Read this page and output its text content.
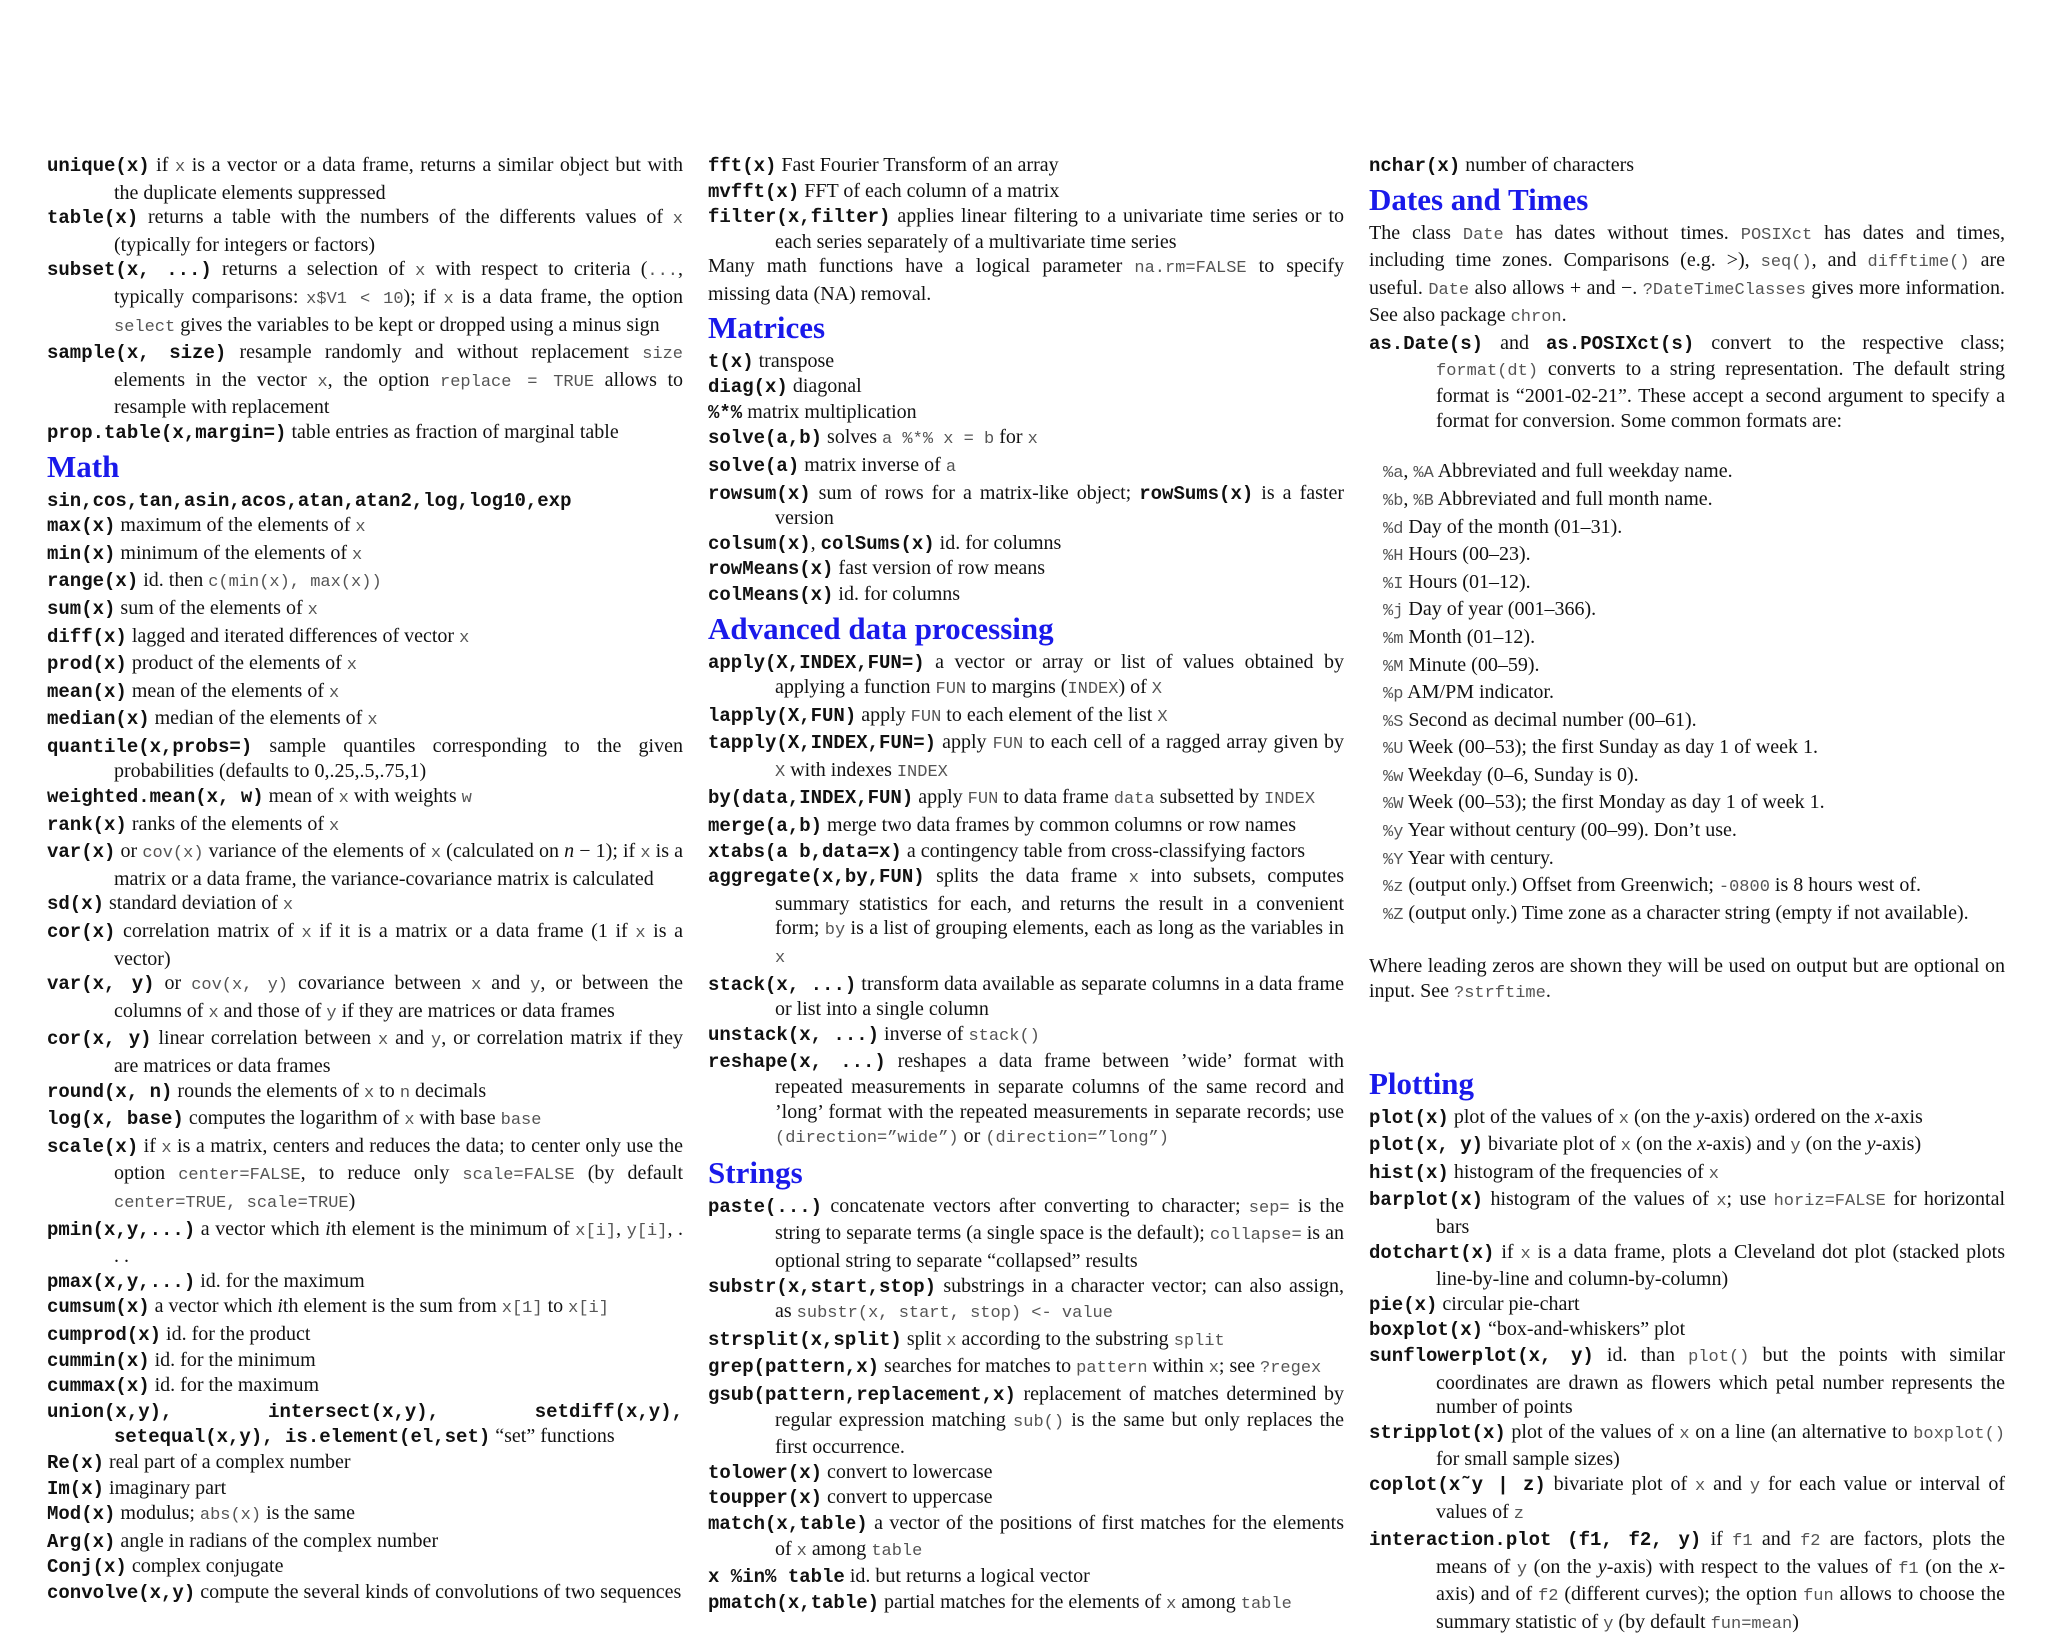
unique(x) if x is a vector or a data frame, returns a similar object but with the duplicate elements suppressed

table(x) returns a table with the numbers of the differents values of x (typically for integers or factors)

subset(x, ...) returns a selection of x with respect to criteria (..., typically comparisons: x$V1 < 10); if x is a data frame, the option select gives the variables to be kept or dropped using a minus sign

sample(x, size) resample randomly and without replacement size elements in the vector x, the option replace = TRUE allows to resample with replacement

prop.table(x,margin=) table entries as fraction of marginal table

Math

sin,cos,tan,asin,acos,atan,atan2,log,log10,exp

max(x) maximum of the elements of x

min(x) minimum of the elements of x

range(x) id. then c(min(x), max(x))

sum(x) sum of the elements of x

diff(x) lagged and iterated differences of vector x

prod(x) product of the elements of x

mean(x) mean of the elements of x

median(x) median of the elements of x

quantile(x,probs=) sample quantiles corresponding to the given probabilities (defaults to 0,.25,.5,.75,1)

weighted.mean(x, w) mean of x with weights w

rank(x) ranks of the elements of x

var(x) or cov(x) variance of the elements of x (calculated on n − 1); if x is a matrix or a data frame, the variance-covariance matrix is calculated

sd(x) standard deviation of x

cor(x) correlation matrix of x if it is a matrix or a data frame (1 if x is a vector)

var(x, y) or cov(x, y) covariance between x and y, or between the columns of x and those of y if they are matrices or data frames

cor(x, y) linear correlation between x and y, or correlation matrix if they are matrices or data frames

round(x, n) rounds the elements of x to n decimals

log(x, base) computes the logarithm of x with base base

scale(x) if x is a matrix, centers and reduces the data; to center only use the option center=FALSE, to reduce only scale=FALSE (by default center=TRUE, scale=TRUE)

pmin(x,y,...) a vector which ith element is the minimum of x[i], y[i], . . .

pmax(x,y,...) id. for the maximum

cumsum(x) a vector which ith element is the sum from x[1] to x[i]

cumprod(x) id. for the product

cummin(x) id. for the minimum

cummax(x) id. for the maximum

union(x,y), intersect(x,y), setdiff(x,y), setequal(x,y), is.element(el,set) “set” functions

Re(x) real part of a complex number

Im(x) imaginary part

Mod(x) modulus; abs(x) is the same

Arg(x) angle in radians of the complex number

Conj(x) complex conjugate

convolve(x,y) compute the several kinds of convolutions of two sequences

fft(x) Fast Fourier Transform of an array

mvfft(x) FFT of each column of a matrix

filter(x,filter) applies linear filtering to a univariate time series or to each series separately of a multivariate time series

Many math functions have a logical parameter na.rm=FALSE to specify missing data (NA) removal.

Matrices

t(x) transpose

diag(x) diagonal

%*% matrix multiplication

solve(a,b) solves a %*% x = b for x

solve(a) matrix inverse of a

rowsum(x) sum of rows for a matrix-like object; rowSums(x) is a faster version

colsum(x), colSums(x) id. for columns

rowMeans(x) fast version of row means

colMeans(x) id. for columns

Advanced data processing

apply(X,INDEX,FUN=) a vector or array or list of values obtained by applying a function FUN to margins (INDEX) of X

lapply(X,FUN) apply FUN to each element of the list X

tapply(X,INDEX,FUN=) apply FUN to each cell of a ragged array given by X with indexes INDEX

by(data,INDEX,FUN) apply FUN to data frame data subsetted by INDEX

merge(a,b) merge two data frames by common columns or row names

xtabs(a b,data=x) a contingency table from cross-classifying factors

aggregate(x,by,FUN) splits the data frame x into subsets, computes summary statistics for each, and returns the result in a convenient form; by is a list of grouping elements, each as long as the variables in x

stack(x, ...) transform data available as separate columns in a data frame or list into a single column

unstack(x, ...) inverse of stack()

reshape(x, ...) reshapes a data frame between ’wide’ format with repeated measurements in separate columns of the same record and ’long’ format with the repeated measurements in separate records; use (direction=”wide”) or (direction=”long”)

Strings

paste(...) concatenate vectors after converting to character; sep= is the string to separate terms (a single space is the default); collapse= is an optional string to separate “collapsed” results

substr(x,start,stop) substrings in a character vector; can also assign, as substr(x, start, stop) <- value

strsplit(x,split) split x according to the substring split

grep(pattern,x) searches for matches to pattern within x; see ?regex

gsub(pattern,replacement,x) replacement of matches determined by regular expression matching sub() is the same but only replaces the first occurrence.

tolower(x) convert to lowercase

toupper(x) convert to uppercase

match(x,table) a vector of the positions of first matches for the elements of x among table

x %in% table id. but returns a logical vector

pmatch(x,table) partial matches for the elements of x among table

nchar(x) number of characters

Dates and Times

The class Date has dates without times. POSIXct has dates and times, including time zones. Comparisons (e.g. >), seq(), and difftime() are useful. Date also allows + and −. ?DateTimeClasses gives more information. See also package chron.

as.Date(s) and as.POSIXct(s) convert to the respective class; format(dt) converts to a string representation. The default string format is “2001-02-21”. These accept a second argument to specify a format for conversion. Some common formats are:

%a, %A Abbreviated and full weekday name.

%b, %B Abbreviated and full month name.

%d Day of the month (01–31).

%H Hours (00–23).

%I Hours (01–12).

%j Day of year (001–366).

%m Month (01–12).

%M Minute (00–59).

%p AM/PM indicator.

%S Second as decimal number (00–61).

%U Week (00–53); the first Sunday as day 1 of week 1.

%w Weekday (0–6, Sunday is 0).

%W Week (00–53); the first Monday as day 1 of week 1.

%y Year without century (00–99). Don’t use.

%Y Year with century.

%z (output only.) Offset from Greenwich; -0800 is 8 hours west of.

%Z (output only.) Time zone as a character string (empty if not available).

Where leading zeros are shown they will be used on output but are optional on input. See ?strftime.

Plotting

plot(x) plot of the values of x (on the y-axis) ordered on the x-axis

plot(x, y) bivariate plot of x (on the x-axis) and y (on the y-axis)

hist(x) histogram of the frequencies of x

barplot(x) histogram of the values of x; use horiz=FALSE for horizontal bars

dotchart(x) if x is a data frame, plots a Cleveland dot plot (stacked plots line-by-line and column-by-column)

pie(x) circular pie-chart

boxplot(x) “box-and-whiskers” plot

sunflowerplot(x, y) id. than plot() but the points with similar coordinates are drawn as flowers which petal number represents the number of points

stripplot(x) plot of the values of x on a line (an alternative to boxplot() for small sample sizes)

coplot(x˜y | z) bivariate plot of x and y for each value or interval of values of z

interaction.plot (f1, f2, y) if f1 and f2 are factors, plots the means of y (on the y-axis) with respect to the values of f1 (on the x-axis) and of f2 (different curves); the option fun allows to choose the summary statistic of y (by default fun=mean)
